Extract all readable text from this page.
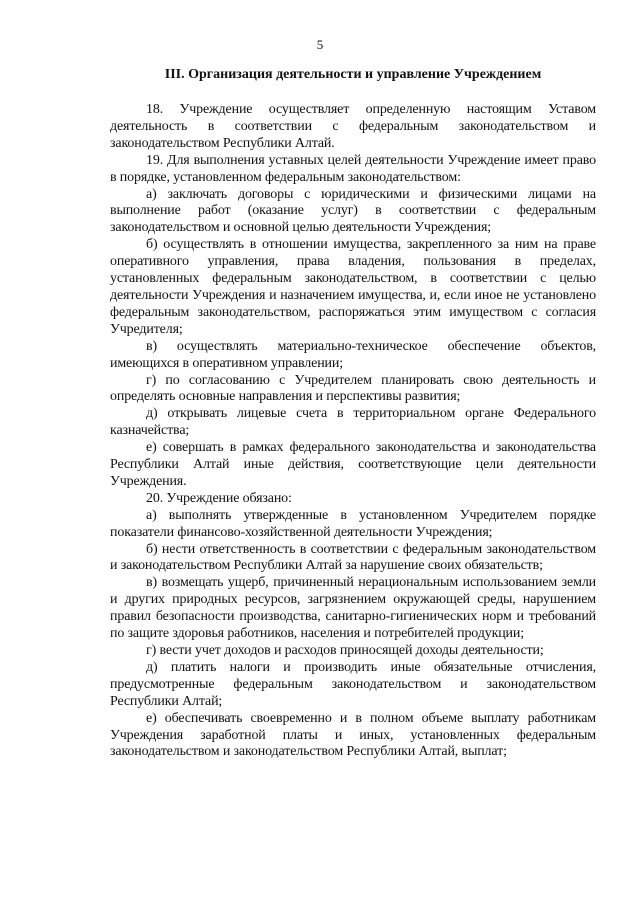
5
III. Организация деятельности и управление Учреждением

18. Учреждение осуществляет определенную настоящим Уставом деятельность в соответствии с федеральным законодательством и законодательством Республики Алтай.

19. Для выполнения уставных целей деятельности Учреждение имеет право в порядке, установленном федеральным законодательством:

а) заключать договоры с юридическими и физическими лицами на выполнение работ (оказание услуг) в соответствии с федеральным законодательством и основной целью деятельности Учреждения;

б) осуществлять в отношении имущества, закрепленного за ним на праве оперативного управления, права владения, пользования в пределах, установленных федеральным законодательством, в соответствии с целью деятельности Учреждения и назначением имущества, и, если иное не установлено федеральным законодательством, распоряжаться этим имуществом с согласия Учредителя;

в) осуществлять материально-техническое обеспечение объектов, имеющихся в оперативном управлении;

г) по согласованию с Учредителем планировать свою деятельность и определять основные направления и перспективы развития;

д) открывать лицевые счета в территориальном органе Федерального казначейства;

е) совершать в рамках федерального законодательства и законодательства Республики Алтай иные действия, соответствующие цели деятельности Учреждения.

20. Учреждение обязано:

а) выполнять утвержденные в установленном Учредителем порядке показатели финансово-хозяйственной деятельности Учреждения;

б) нести ответственность в соответствии с федеральным законодательством и законодательством Республики Алтай за нарушение своих обязательств;

в) возмещать ущерб, причиненный нерациональным использованием земли и других природных ресурсов, загрязнением окружающей среды, нарушением правил безопасности производства, санитарно-гигиенических норм и требований по защите здоровья работников, населения и потребителей продукции;

г) вести учет доходов и расходов приносящей доходы деятельности;

д) платить налоги и производить иные обязательные отчисления, предусмотренные федеральным законодательством и законодательством Республики Алтай;

е) обеспечивать своевременно и в полном объеме выплату работникам Учреждения заработной платы и иных, установленных федеральным законодательством и законодательством Республики Алтай, выплат;
